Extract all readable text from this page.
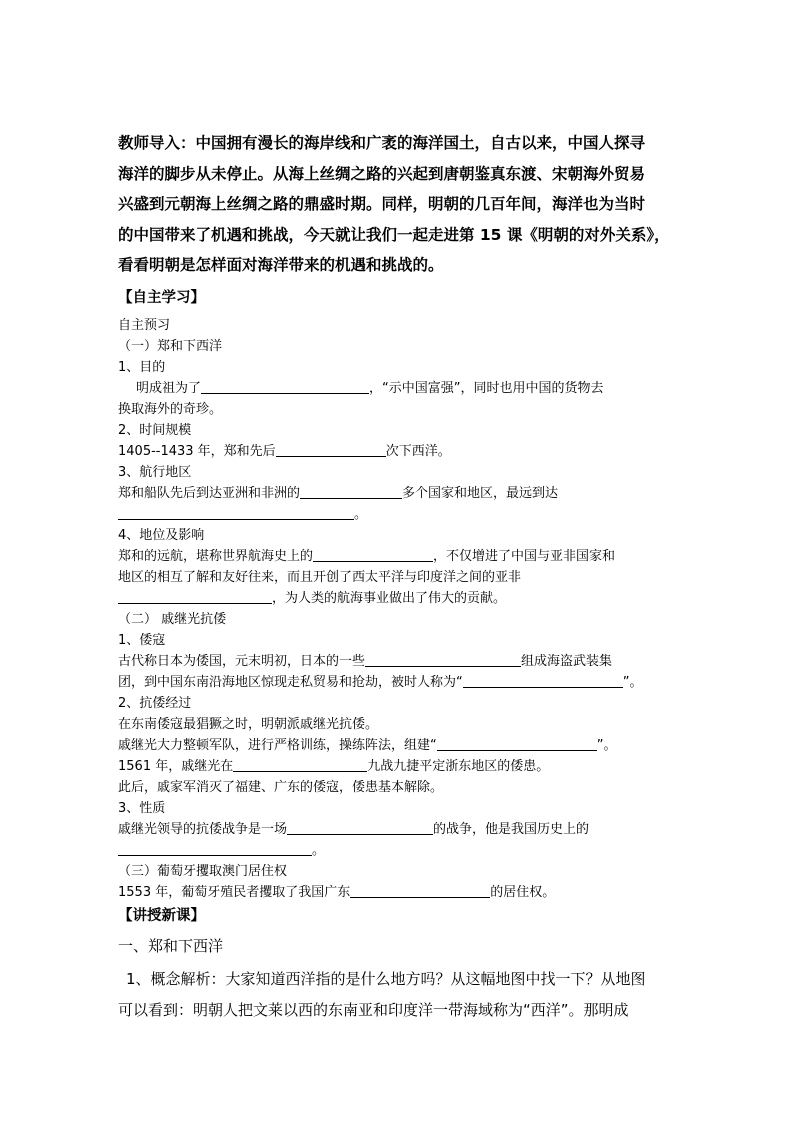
教师导入：中国拥有漫长的海岸线和广袤的海洋国土，自古以来，中国人探寻
海洋的脚步从未停止。从海上丝绸之路的兴起到唐朝鉴真东渡、宋朝海外贸易
兴盛到元朝海上丝绸之路的鼎盛时期。同样，明朝的几百年间，海洋也为当时
的中国带来了机遇和挑战，今天就让我们一起走进第 15 课《明朝的对外关系》，
看看明朝是怎样面对海洋带来的机遇和挑战的。
【自主学习】
自主预习
（一）郑和下西洋
1、目的
明成祖为了	，“示中国富强”，同时也用中国的货物去
换取海外的奇珍。
2、时间规模
1405--1433 年，郑和先后	次下西洋。
3、航行地区
郑和船队先后到达亚洲和非洲的	多个国家和地区，最远到达
。
4、地位及影响
郑和的远航，堪称世界航海史上的	，不仅增进了中国与亚非国家和
地区的相互了解和友好往来，而且开创了西太平洋与印度洋之间的亚非
，为人类的航海事业做出了伟大的贡献。
（二） 戚继光抗倭
1、倭寇
古代称日本为倭国，元末明初，日本的一些	组成海盗武装集
团，到中国东南沿海地区惊现走私贸易和抢劫，被时人称为“	”。
2、抗倭经过
在东南倭寇最猖獗之时，明朝派戚继光抗倭。
戚继光大力整顿军队，进行严格训练，操练阵法，组建“	”。
1561 年，戚继光在	九战九捷平定浙东地区的倭患。
此后，戚家军消灭了福建、广东的倭寇，倭患基本解除。
3、性质
戚继光领导的抗倭战争是一场	的战争，他是我国历史上的
。
（三）葡萄牙攫取澳门居住权
1553 年，葡萄牙殖民者攫取了我国广东	的居住权。
【讲授新课】
一、郑和下西洋
1、概念解析：大家知道西洋指的是什么地方吗？从这幅地图中找一下？从地图
可以看到：明朝人把文莱以西的东南亚和印度洋一带海域称为“西洋”。那明成
